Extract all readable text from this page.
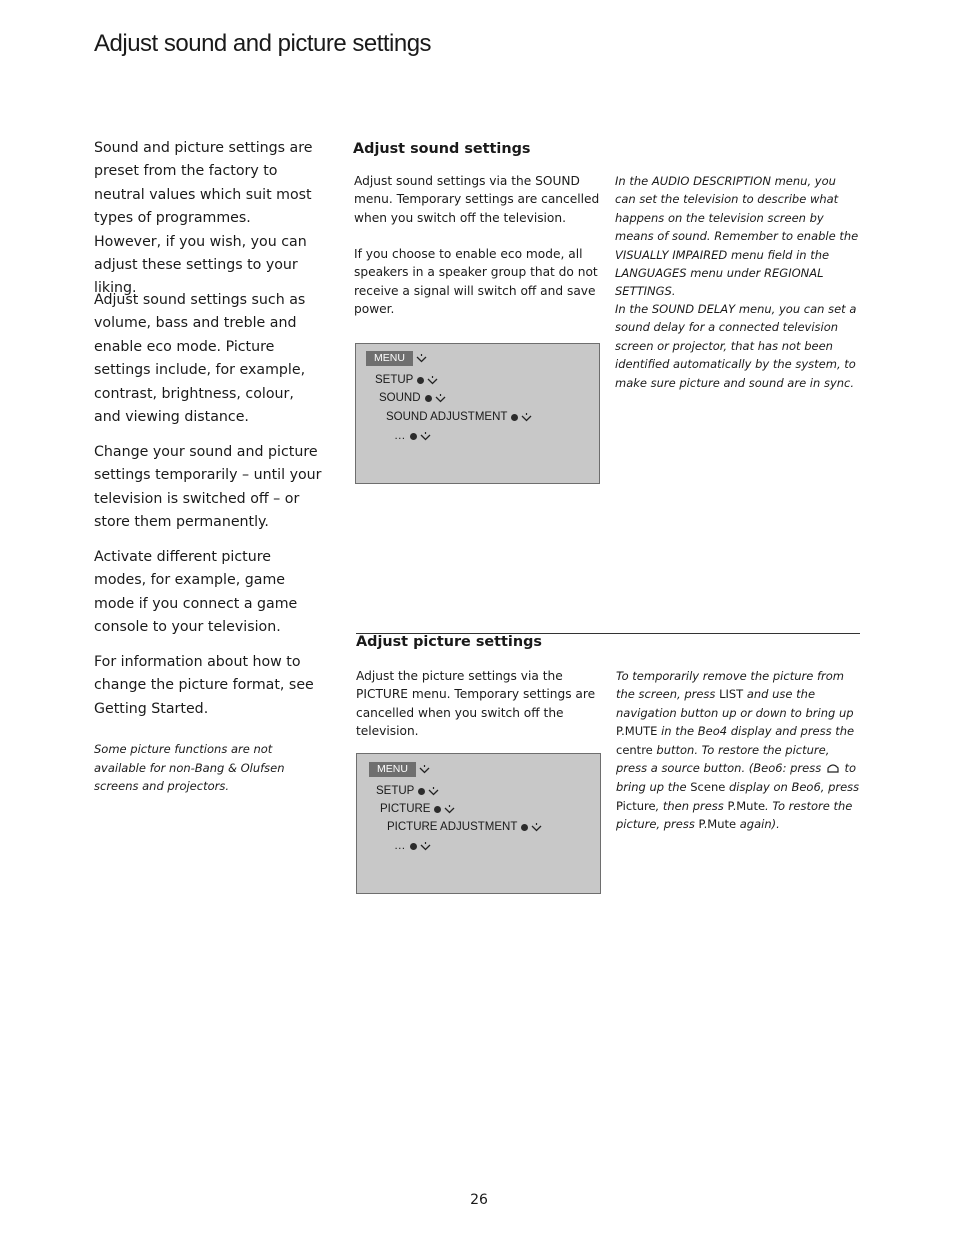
Adjust sound and picture settings

Sound and picture settings are preset from the factory to neutral values which suit most types of programmes. However, if you wish, you can adjust these settings to your liking.

Adjust sound settings such as volume, bass and treble and enable eco mode. Picture settings include, for example, contrast, brightness, colour, and viewing distance.

Change your sound and picture settings temporarily – until your television is switched off – or store them permanently.

Activate different picture modes, for example, game mode if you connect a game console to your television.

For information about how to change the picture format, see Getting Started.

Some picture functions are not available for non-Bang & Olufsen screens and projectors.

Adjust sound settings

Adjust sound settings via the SOUND menu. Temporary settings are cancelled when you switch off the television.

If you choose to enable eco mode, all speakers in a speaker group that do not receive a signal will switch off and save power.

MENU
SETUP
SOUND
SOUND ADJUSTMENT
…

In the AUDIO DESCRIPTION menu, you can set the television to describe what happens on the television screen by means of sound. Remember to enable the VISUALLY IMPAIRED menu field in the LANGUAGES menu under REGIONAL SETTINGS.

In the SOUND DELAY menu, you can set a sound delay for a connected television screen or projector, that has not been identified automatically by the system, to make sure picture and sound are in sync.

Adjust picture settings

Adjust the picture settings via the PICTURE menu. Temporary settings are cancelled when you switch off the television.

MENU
SETUP
PICTURE
PICTURE ADJUSTMENT
…

To temporarily remove the picture from the screen, press LIST and use the navigation button up or down to bring up P.MUTE in the Beo4 display and press the centre button. To restore the picture, press a source button. (Beo6: press  to bring up the Scene display on Beo6, press Picture, then press P.Mute. To restore the picture, press P.Mute again).

26
